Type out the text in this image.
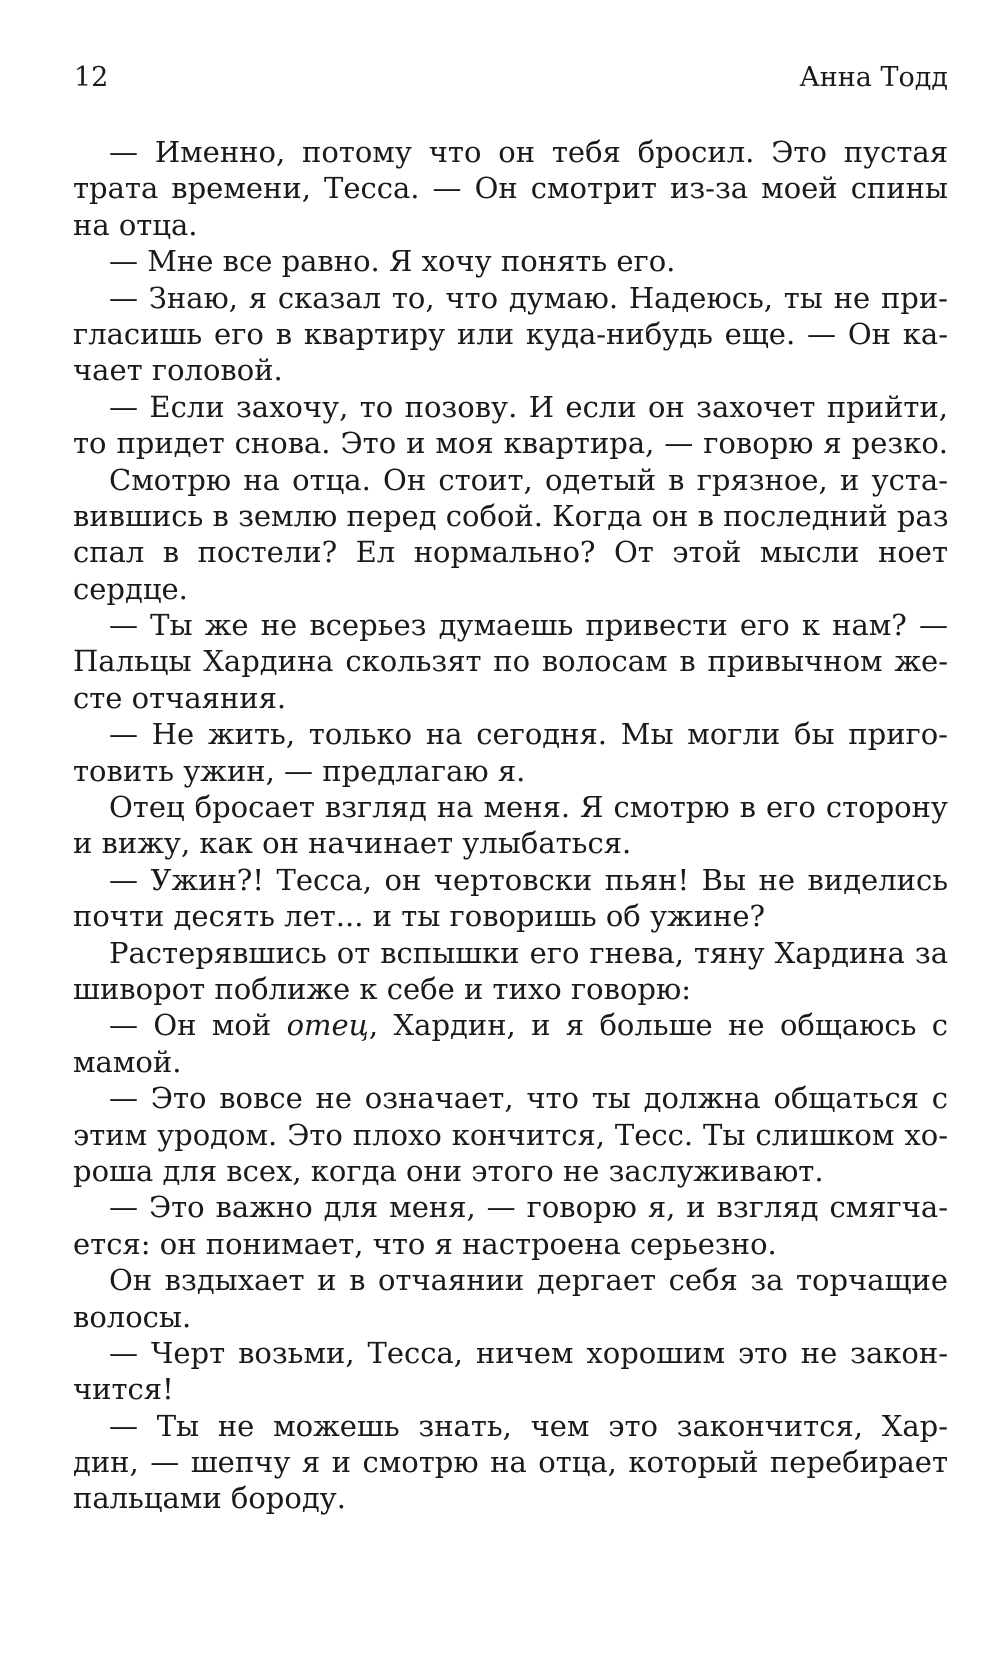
12	Анна Тодд
— Именно, потому что он тебя бросил. Это пустая
трата времени, Тесса. — Он смотрит из-за моей спины
на отца.
— Мне все равно. Я хочу понять его.
— Знаю, я сказал то, что думаю. Надеюсь, ты не при-
гласишь его в квартиру или куда-нибудь еще. — Он ка-
чает головой.
— Если захочу, то позову. И если он захочет прийти,
то придет снова. Это и моя квартира, — говорю я резко.
Смотрю на отца. Он стоит, одетый в грязное, и уста-
вившись в землю перед собой. Когда он в последний раз
спал в постели? Ел нормально? От этой мысли ноет
сердце.
— Ты же не всерьез думаешь привести его к нам? —
Пальцы Хардина скользят по волосам в привычном же-
сте отчаяния.
— Не жить, только на сегодня. Мы могли бы приго-
товить ужин, — предлагаю я.
Отец бросает взгляд на меня. Я смотрю в его сторону
и вижу, как он начинает улыбаться.
— Ужин?! Тесса, он чертовски пьян! Вы не виделись
почти десять лет... и ты говоришь об ужине?
Растерявшись от вспышки его гнева, тяну Хардина за
шиворот поближе к себе и тихо говорю:
— Он мой отец, Хардин, и я больше не общаюсь с
мамой.
— Это вовсе не означает, что ты должна общаться с
этим уродом. Это плохо кончится, Тесс. Ты слишком хо-
роша для всех, когда они этого не заслуживают.
— Это важно для меня, — говорю я, и взгляд смягча-
ется: он понимает, что я настроена серьезно.
Он вздыхает и в отчаянии дергает себя за торчащие
волосы.
— Черт возьми, Тесса, ничем хорошим это не закон-
чится!
— Ты не можешь знать, чем это закончится, Хар-
дин, — шепчу я и смотрю на отца, который перебирает
пальцами бороду.
